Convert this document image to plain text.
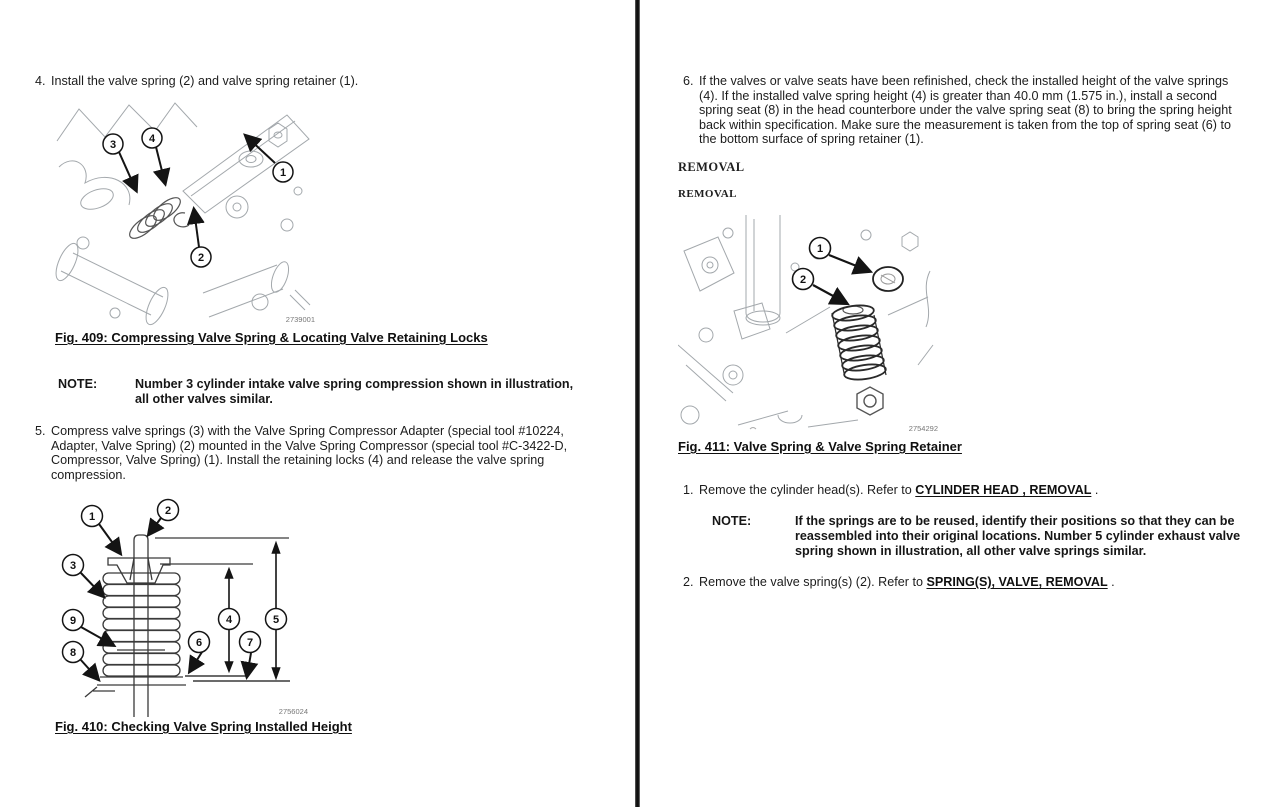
4. Install the valve spring (2) and valve spring retainer (1).
3	4
1
2
2739001
Fig. 409: Compressing Valve Spring & Locating Valve Retaining Locks
NOTE:	Number 3 cylinder intake valve spring compression shown in illustration,
all other valves similar.
5. Compress valve springs (3) with the Valve Spring Compressor Adapter (special tool #10224,
Adapter, Valve Spring) (2) mounted in the Valve Spring Compressor (special tool #C-3422-D,
Compressor, Valve Spring) (1). Install the retaining locks (4) and release the valve spring
compression.
1	2
3
9
8
6
4
7
5
2756024
Fig. 410: Checking Valve Spring Installed Height
6. If the valves or valve seats have been refinished, check the installed height of the valve springs
(4). If the installed valve spring height (4) is greater than 40.0 mm (1.575 in.), install a second
spring seat (8) in the head counterbore under the valve spring seat (8) to bring the spring height
back within specification. Make sure the measurement is taken from the top of spring seat (6) to
the bottom surface of spring retainer (1).
REMOVAL
REMOVAL
1
2
2754292
Fig. 411: Valve Spring & Valve Spring Retainer
1. Remove the cylinder head(s). Refer to CYLINDER HEAD , REMOVAL .
NOTE:	If the springs are to be reused, identify their positions so that they can be
reassembled into their original locations. Number 5 cylinder exhaust valve
spring shown in illustration, all other valve springs similar.
2. Remove the valve spring(s) (2). Refer to SPRING(S), VALVE, REMOVAL .
